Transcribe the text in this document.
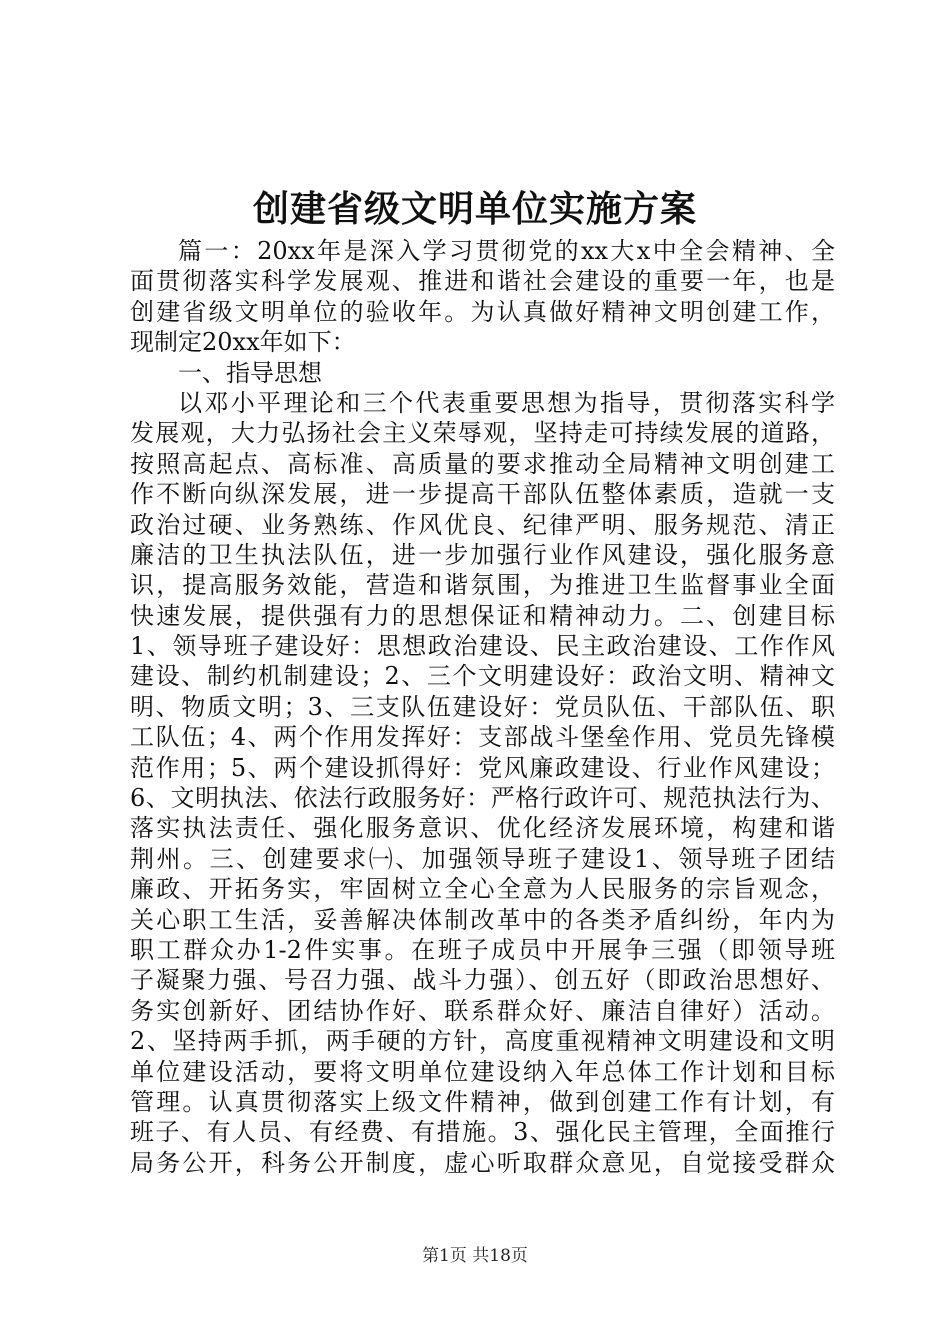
创建省级文明单位实施方案
篇一：20xx年是深入学习贯彻党的xx大x中全会精神、全
面贯彻落实科学发展观、推进和谐社会建设的重要一年，也是
创建省级文明单位的验收年。为认真做好精神文明创建工作，
现制定20xx年如下：
一、指导思想
以邓小平理论和三个代表重要思想为指导，贯彻落实科学
发展观，大力弘扬社会主义荣辱观，坚持走可持续发展的道路，
按照高起点、高标准、高质量的要求推动全局精神文明创建工
作不断向纵深发展，进一步提高干部队伍整体素质，造就一支
政治过硬、业务熟练、作风优良、纪律严明、服务规范、清正
廉洁的卫生执法队伍，进一步加强行业作风建设，强化服务意
识，提高服务效能，营造和谐氛围，为推进卫生监督事业全面
快速发展，提供强有力的思想保证和精神动力。二、创建目标
1、领导班子建设好：思想政治建设、民主政治建设、工作作风
建设、制约机制建设；2、三个文明建设好：政治文明、精神文
明、物质文明；3、三支队伍建设好：党员队伍、干部队伍、职
工队伍；4、两个作用发挥好：支部战斗堡垒作用、党员先锋模
范作用；5、两个建设抓得好：党风廉政建设、行业作风建设；
6、文明执法、依法行政服务好：严格行政许可、规范执法行为、
落实执法责任、强化服务意识、优化经济发展环境，构建和谐
荆州。三、创建要求㈠、加强领导班子建设1、领导班子团结
廉政、开拓务实，牢固树立全心全意为人民服务的宗旨观念，
关心职工生活，妥善解决体制改革中的各类矛盾纠纷，年内为
职工群众办1-2件实事。在班子成员中开展争三强（即领导班
子凝聚力强、号召力强、战斗力强）、创五好（即政治思想好、
务实创新好、团结协作好、联系群众好、廉洁自律好）活动。
2、坚持两手抓，两手硬的方针，高度重视精神文明建设和文明
单位建设活动，要将文明单位建设纳入年总体工作计划和目标
管理。认真贯彻落实上级文件精神，做到创建工作有计划，有
班子、有人员、有经费、有措施。3、强化民主管理，全面推行
局务公开，科务公开制度，虚心听取群众意见，自觉接受群众
第1页 共18页
